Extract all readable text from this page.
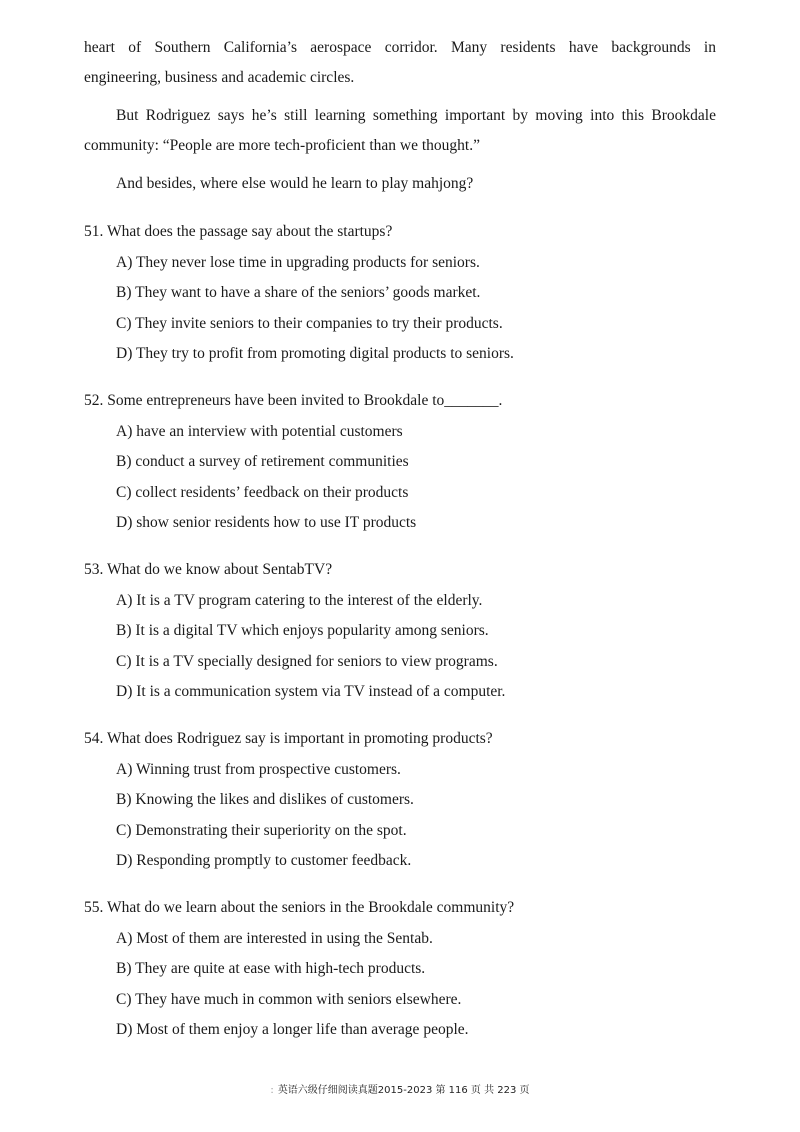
heart of Southern California’s aerospace corridor. Many residents have backgrounds in
engineering, business and academic circles.
But Rodriguez says he’s still learning something important by moving into this Brookdale
community: “People are more tech-proficient than we thought.”
And besides, where else would he learn to play mahjong?
51. What does the passage say about the startups?
A) They never lose time in upgrading products for seniors.
B) They want to have a share of the seniors’ goods market.
C) They invite seniors to their companies to try their products.
D) They try to profit from promoting digital products to seniors.
52. Some entrepreneurs have been invited to Brookdale to_______.
A) have an interview with potential customers
B) conduct a survey of retirement communities
C) collect residents’ feedback on their products
D) show senior residents how to use IT products
53. What do we know about SentabTV?
A) It is a TV program catering to the interest of the elderly.
B) It is a digital TV which enjoys popularity among seniors.
C) It is a TV specially designed for seniors to view programs.
D) It is a communication system via TV instead of a computer.
54. What does Rodriguez say is important in promoting products?
A) Winning trust from prospective customers.
B) Knowing the likes and dislikes of customers.
C) Demonstrating their superiority on the spot.
D) Responding promptly to customer feedback.
55. What do we learn about the seniors in the Brookdale community?
A) Most of them are interested in using the Sentab.
B) They are quite at ease with high-tech products.
C) They have much in common with seniors elsewhere.
D) Most of them enjoy a longer life than average people.
: 英语六级仔细阅读真题2015-2023 第 116 页 共 223 页
